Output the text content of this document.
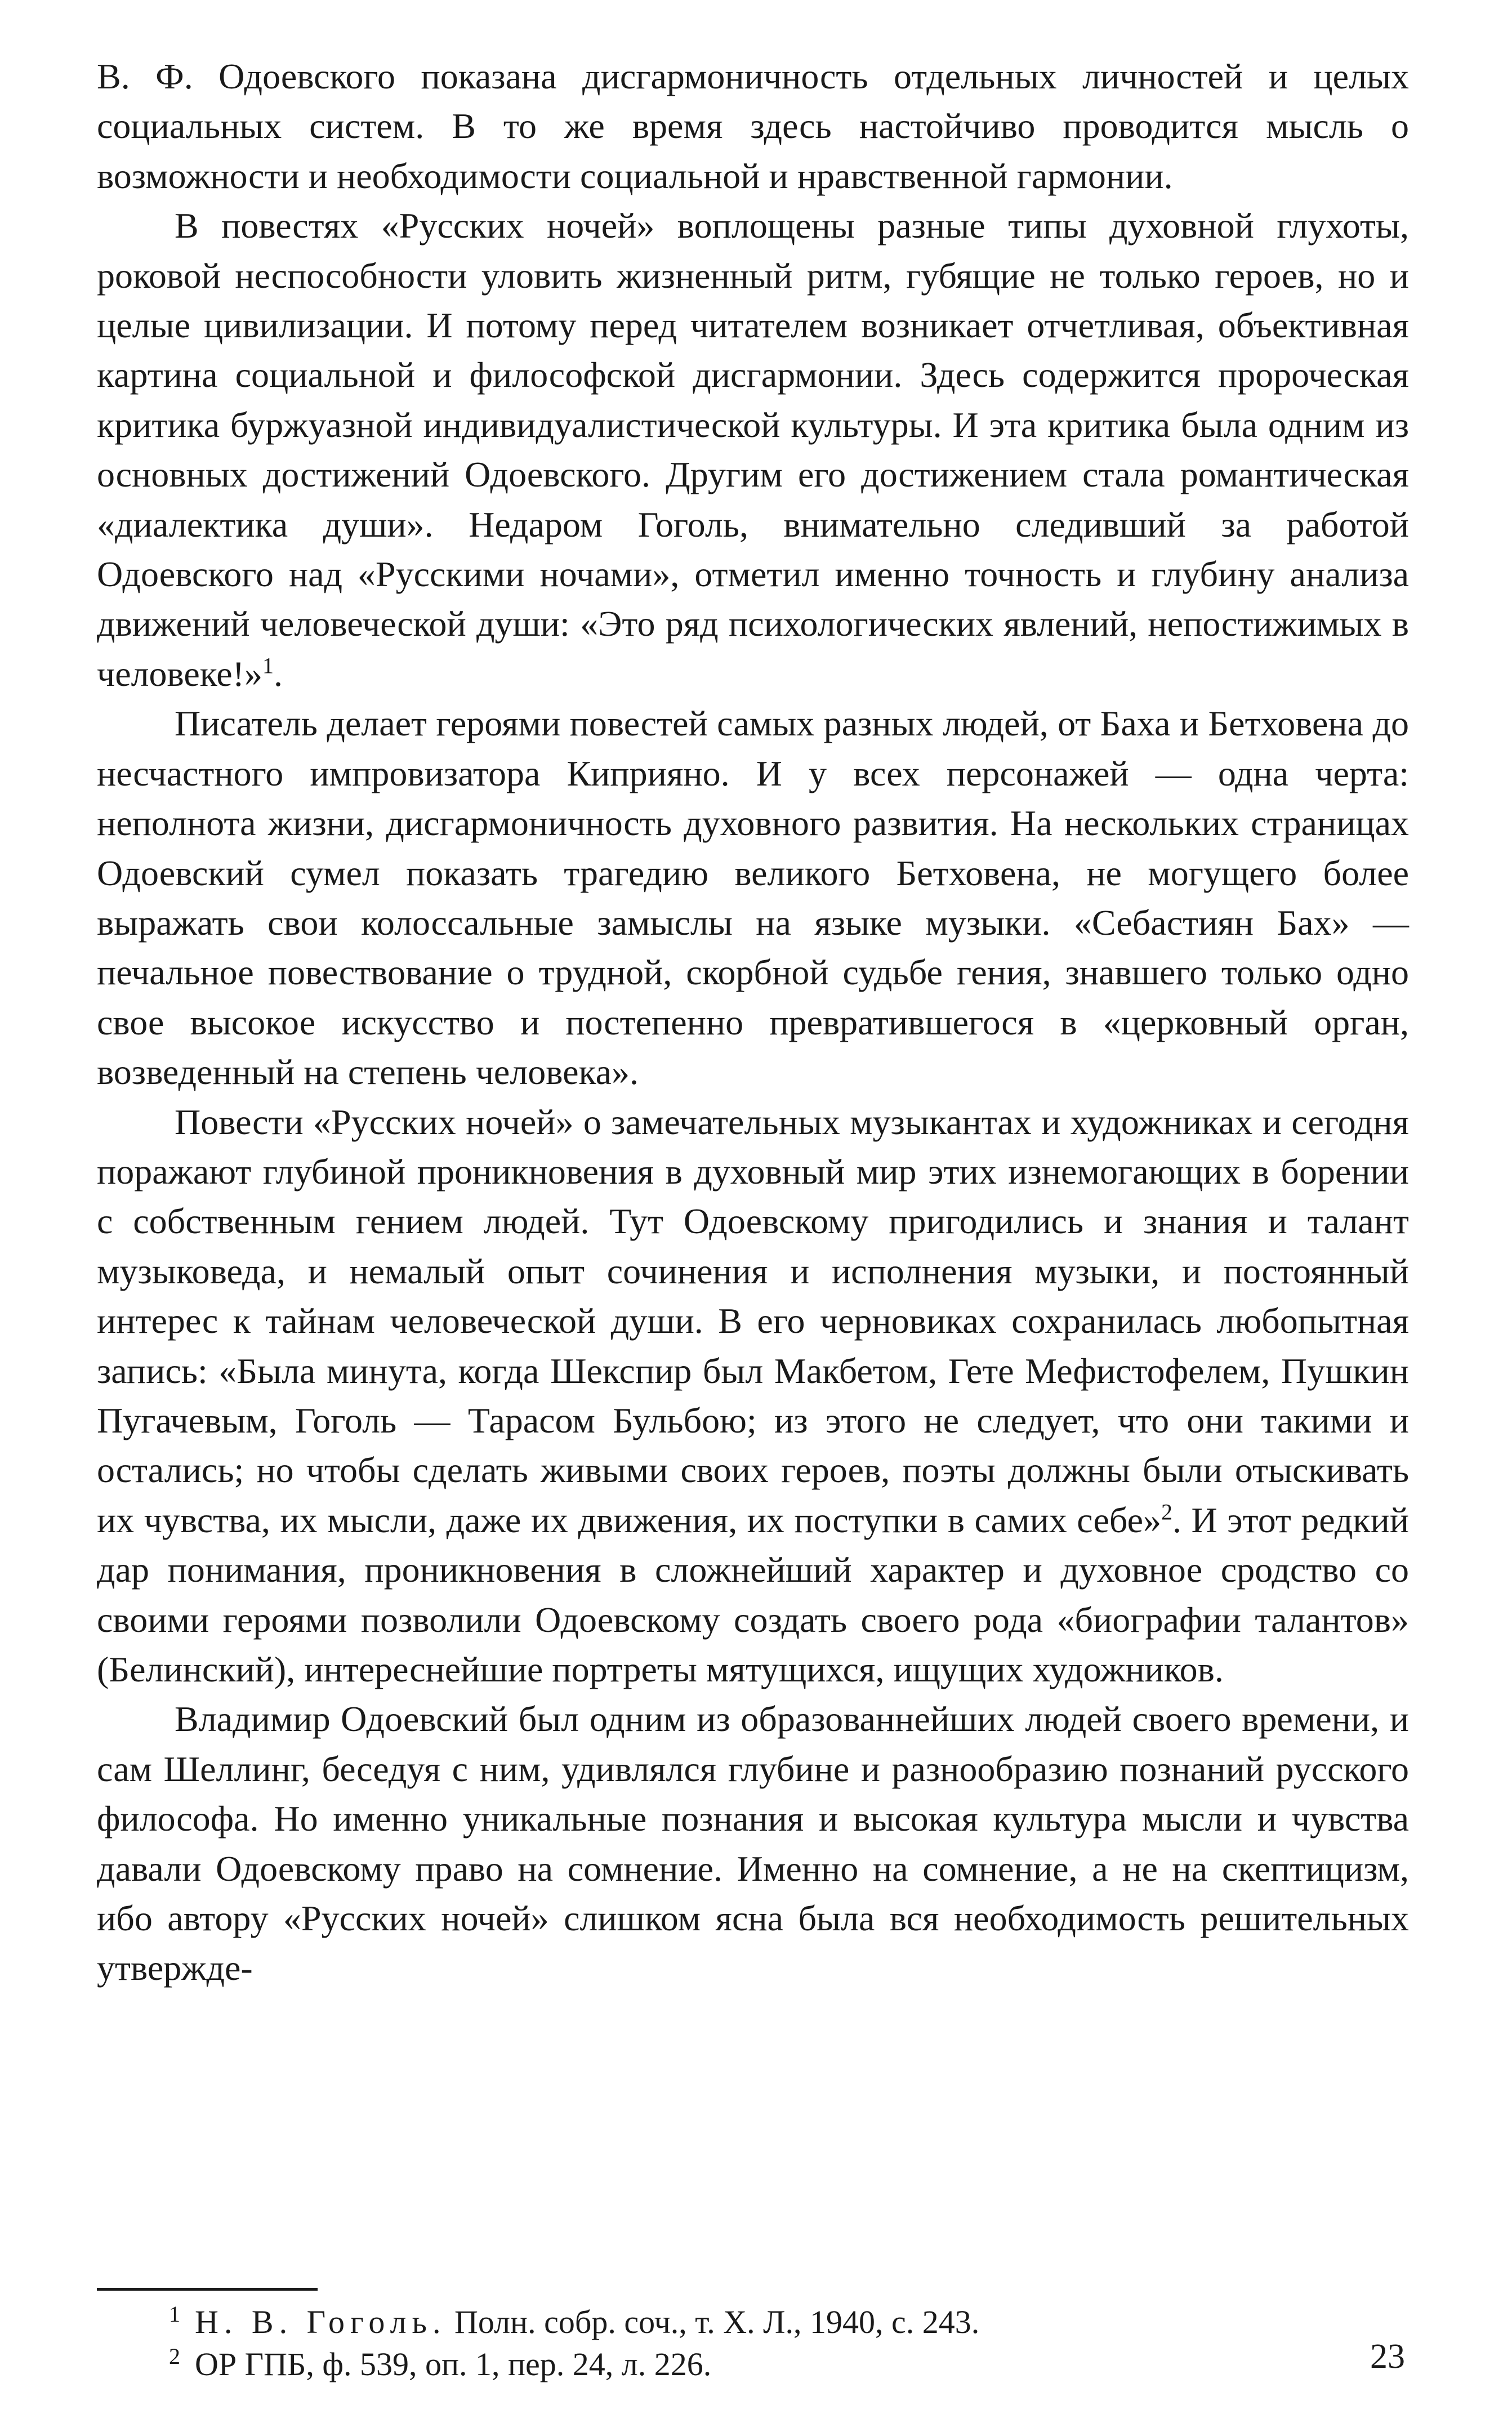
В. Ф. Одоевского показана дисгармоничность отдельных личностей и целых социальных систем. В то же время здесь настойчиво проводится мысль о возможности и необходимости социальной и нравственной гармонии.

В повестях «Русских ночей» воплощены разные типы духовной глухоты, роковой неспособности уловить жизненный ритм, губящие не только героев, но и целые цивилизации. И потому перед читателем возникает отчетливая, объективная картина социальной и философской дисгармонии. Здесь содержится пророческая критика буржуазной индивидуалистической культуры. И эта критика была одним из основных достижений Одоевского. Другим его достижением стала романтическая «диалектика души». Недаром Гоголь, внимательно следивший за работой Одоевского над «Русскими ночами», отметил именно точность и глубину анализа движений человеческой души: «Это ряд психологических явлений, непостижимых в человеке!»$^1$.

Писатель делает героями повестей самых разных людей, от Баха и Бетховена до несчастного импровизатора Киприяно. И у всех персонажей — одна черта: неполнота жизни, дисгармоничность духовного развития. На нескольких страницах Одоевский сумел показать трагедию великого Бетховена, не могущего более выражать свои колоссальные замыслы на языке музыки. «Себастиян Бах» — печальное повествование о трудной, скорбной судьбе гения, знавшего только одно свое высокое искусство и постепенно превратившегося в «церковный орган, возведенный на степень человека».

Повести «Русских ночей» о замечательных музыкантах и художниках и сегодня поражают глубиной проникновения в духовный мир этих изнемогающих в борении с собственным гением людей. Тут Одоевскому пригодились и знания и талант музыковеда, и немалый опыт сочинения и исполнения музыки, и постоянный интерес к тайнам человеческой души. В его черновиках сохранилась любопытная запись: «Была минута, когда Шекспир был Макбетом, Гете Мефистофелем, Пушкин Пугачевым, Гоголь — Тарасом Бульбою; из этого не следует, что они такими и остались; но чтобы сделать живыми своих героев, поэты должны были отыскивать их чувства, их мысли, даже их движения, их поступки в самих себе»$^2$. И этот редкий дар понимания, проникновения в сложнейший характер и духовное сродство со своими героями позволили Одоевскому создать своего рода «биографии талантов» (Белинский), интереснейшие портреты мятущихся, ищущих художников.

Владимир Одоевский был одним из образованнейших людей своего времени, и сам Шеллинг, беседуя с ним, удивлялся глубине и разнообразию познаний русского философа. Но именно уникальные познания и высокая культура мысли и чувства давали Одоевскому право на сомнение. Именно на сомнение, а не на скептицизм, ибо автору «Русских ночей» слишком ясна была вся необходимость решительных утвержде-

1 Н. В. Гоголь. Полн. собр. соч., т. X. Л., 1940, с. 243.

2 ОР ГПБ, ф. 539, оп. 1, пер. 24, л. 226.	23
